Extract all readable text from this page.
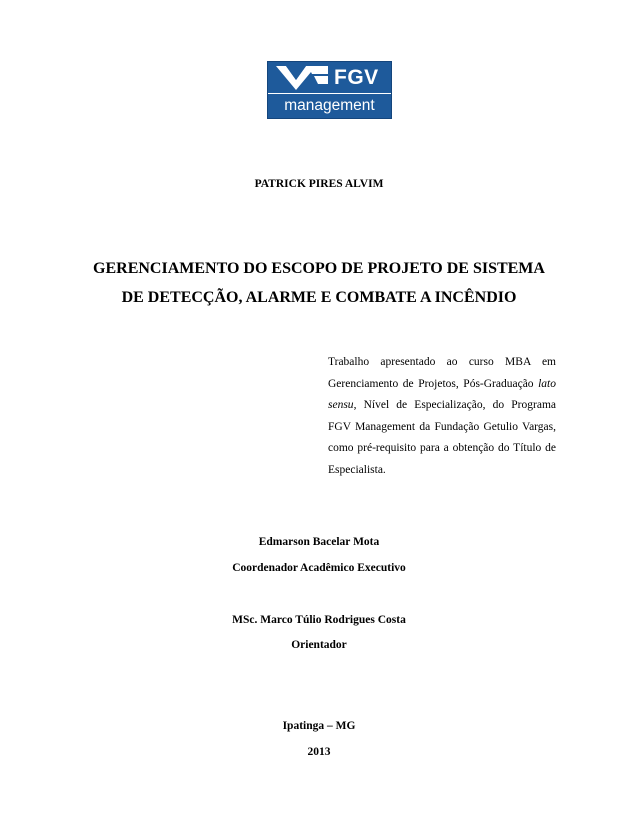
FGV
management
PATRICK PIRES ALVIM
GERENCIAMENTO DO ESCOPO DE PROJETO DE SISTEMA
DE DETECÇÃO, ALARME E COMBATE A INCÊNDIO
Trabalho apresentado ao curso MBA em Gerenciamento de Projetos, Pós-Graduação lato sensu, Nível de Especialização, do Programa FGV Management da Fundação Getulio Vargas, como pré-requisito para a obtenção do Título de Especialista.
Edmarson Bacelar Mota
Coordenador Acadêmico Executivo
MSc. Marco Túlio Rodrigues Costa
Orientador
Ipatinga – MG
2013
